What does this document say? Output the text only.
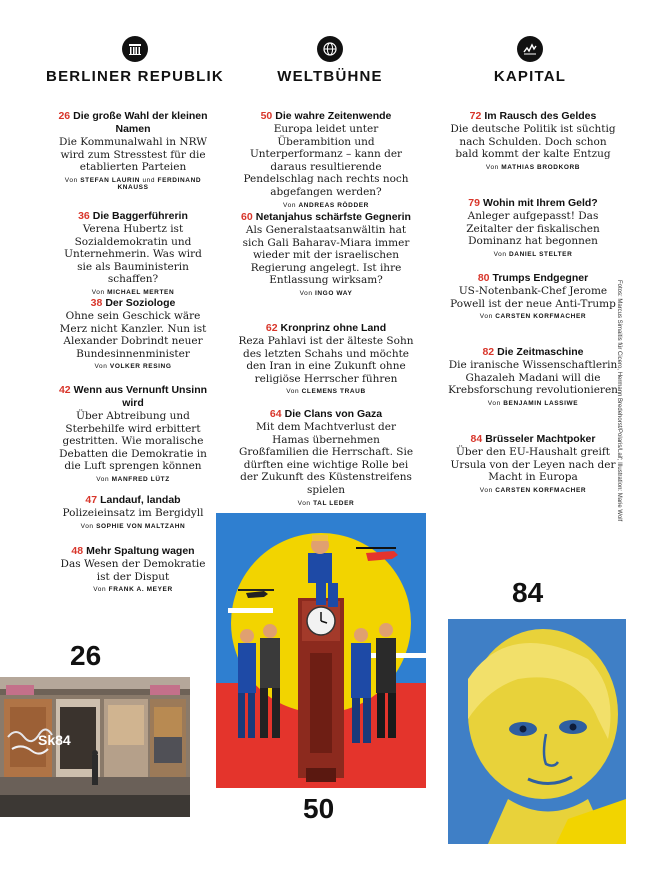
BERLINER REPUBLIK	WELTBÜHNE	KAPITAL
26 Die große Wahl der kleinen Namen
Die Kommunalwahl in NRW wird zum Stresstest für die etablierten Parteien
Von STEFAN LAURIN und FERDINAND KNAUSS
36 Die Baggerführerin
Verena Hubertz ist Sozialdemokratin und Unternehmerin. Was wird sie als Bauministerin schaffen?
Von MICHAEL MERTEN
38 Der Soziologe
Ohne sein Geschick wäre Merz nicht Kanzler. Nun ist Alexander Dobrindt neuer Bundesinnenminister
Von VOLKER RESING
42 Wenn aus Vernunft Unsinn wird
Über Abtreibung und Sterbehilfe wird erbittert gestritten. Wie moralische Debatten die Demokratie in die Luft sprengen können
Von MANFRED LÜTZ
47 Landauf, landab
Polizeieinsatz im Bergidyll
Von SOPHIE VON MALTZAHN
48 Mehr Spaltung wagen
Das Wesen der Demokratie ist der Disput
Von FRANK A. MEYER
50 Die wahre Zeitenwende
Europa leidet unter Überambition und Unterperformanz – kann der daraus resultierende Pendelschlag nach rechts noch abgefangen werden?
Von ANDREAS RÖDDER
60 Netanjahus schärfste Gegnerin
Als Generalstaatsanwältin hat sich Gali Baharav-Miara immer wieder mit der israelischen Regierung angelegt. Ist ihre Entlassung wirksam?
Von INGO WAY
62 Kronprinz ohne Land
Reza Pahlavi ist der älteste Sohn des letzten Schahs und möchte den Iran in eine Zukunft ohne religiöse Herrscher führen
Von CLEMENS TRAUB
64 Die Clans von Gaza
Mit dem Machtverlust der Hamas übernehmen Großfamilien die Herrschaft. Sie dürften eine wichtige Rolle bei der Zukunft des Küstenstreifens spielen
Von TAL LEDER
72 Im Rausch des Geldes
Die deutsche Politik ist süchtig nach Schulden. Doch schon bald kommt der kalte Entzug
Von MATHIAS BRODKORB
79 Wohin mit Ihrem Geld?
Anleger aufgepasst! Das Zeitalter der fiskalischen Dominanz hat begonnen
Von DANIEL STELTER
80 Trumps Endgegner
US-Notenbank-Chef Jerome Powell ist der neue Anti-Trump
Von CARSTEN KORFMACHER
82 Die Zeitmaschine
Die iranische Wissenschaftlerin Ghazaleh Madani will die Krebsforschung revolutionieren
Von BENJAMIN LASSIWE
84 Brüsseler Machtpoker
Über den EU-Haushalt greift Ursula von der Leyen nach der Macht in Europa
Von CARSTEN KORFMACHER	Fotos: Marcus Simaitis für Cicero, Hermann Bredehorst/Polaris/Laif; Illustration: Marie Wolf
26
50
84
Sk84
